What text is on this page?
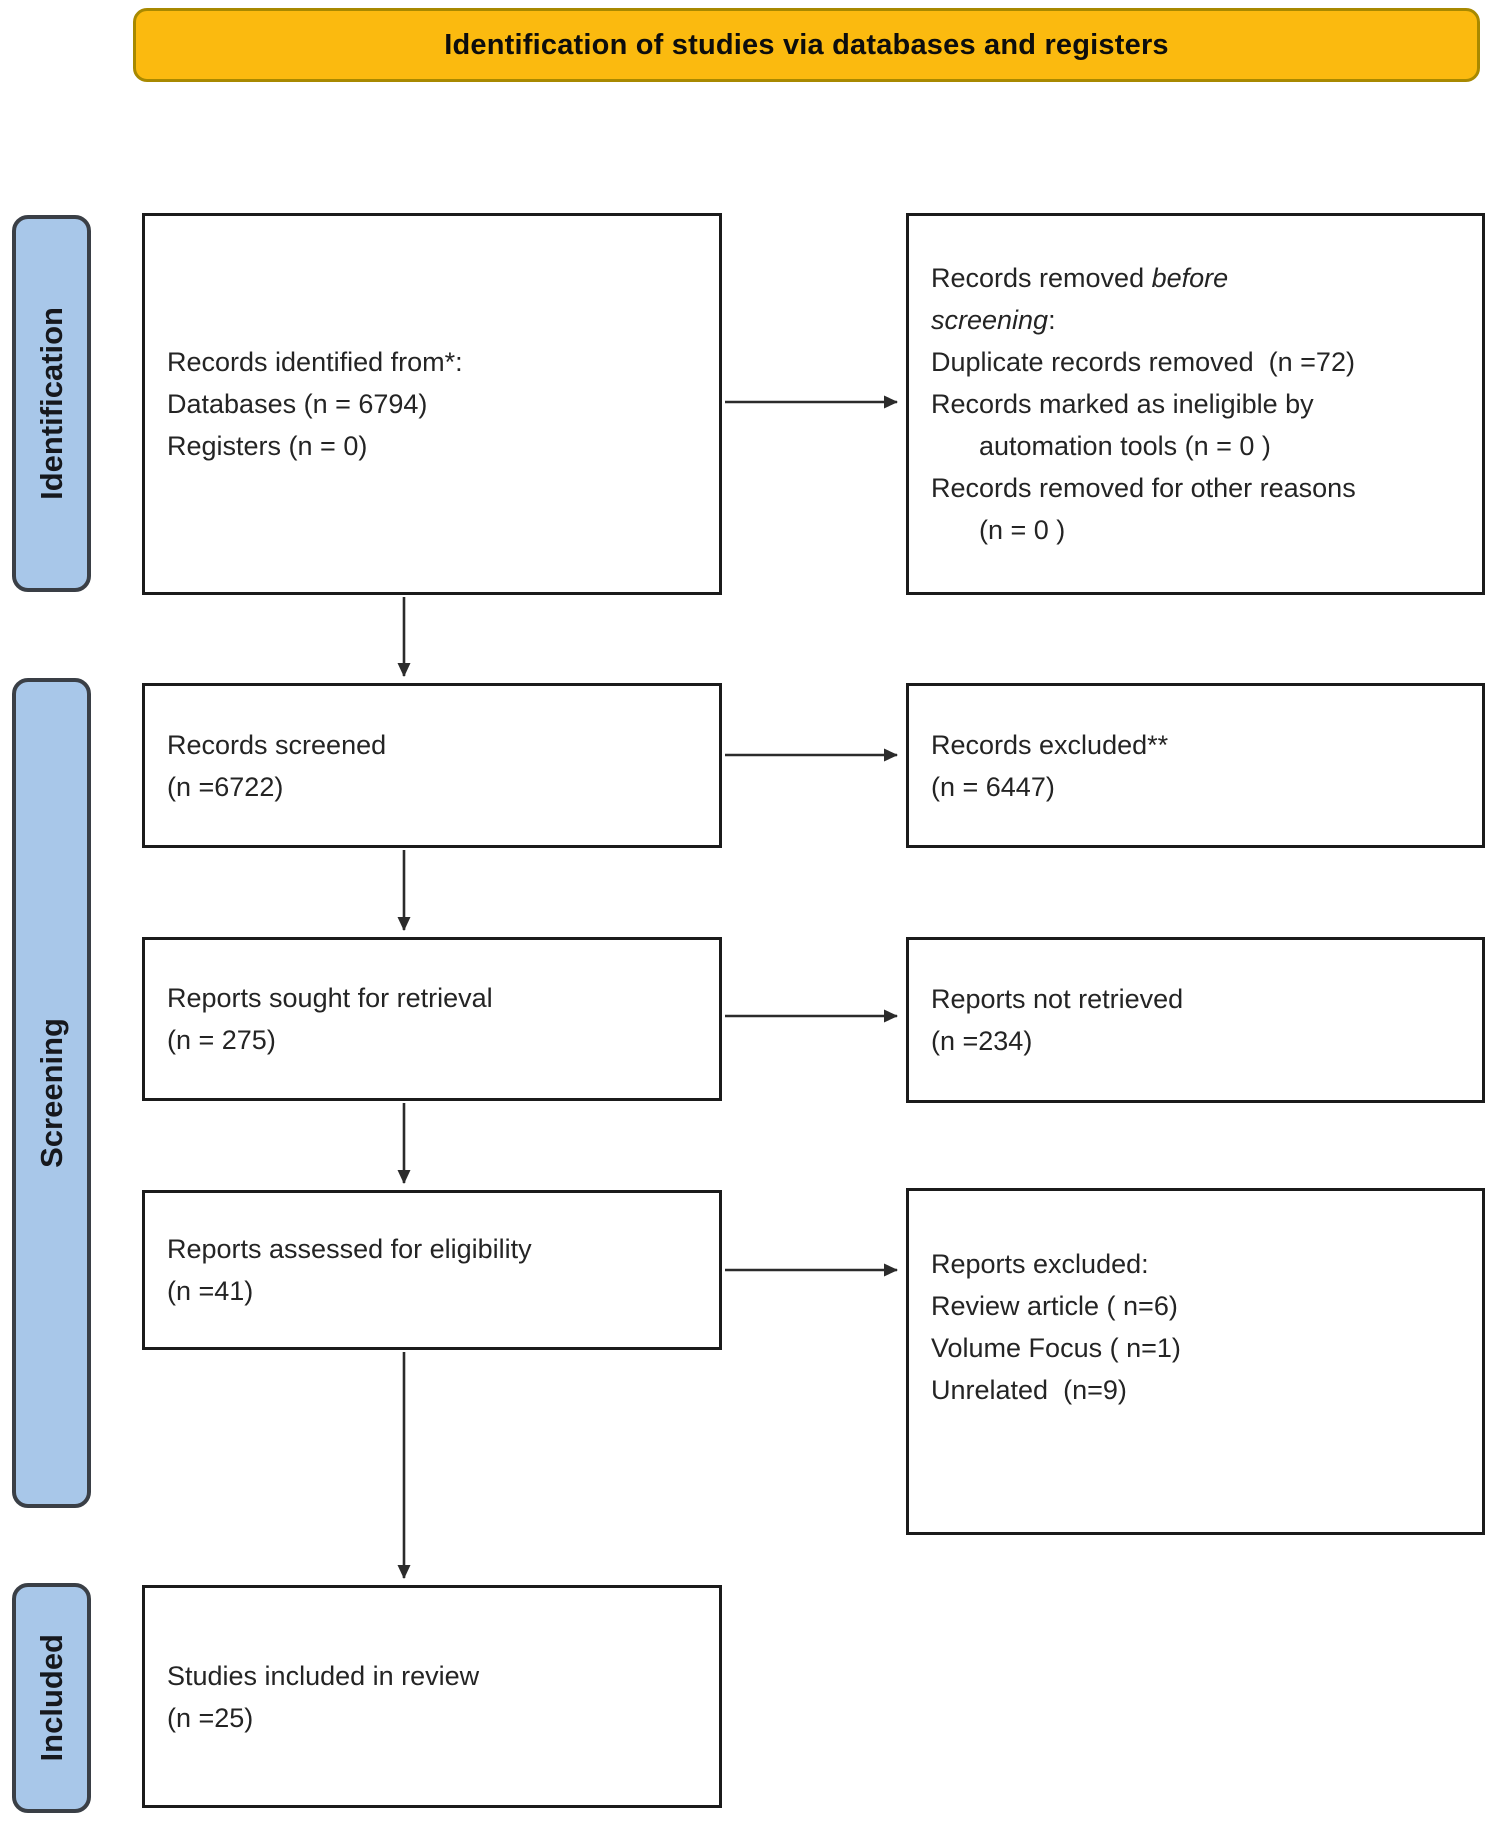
Identification of studies via databases and registers
Identification
Screening
Included
Records identified from*:
Databases (n = 6794)
Registers (n = 0)
Records removed before
screening:
Duplicate records removed  (n =72)
Records marked as ineligible by
automation tools (n = 0 )
Records removed for other reasons
(n = 0 )
Records screened
(n =6722)
Records excluded**
(n = 6447)
Reports sought for retrieval
(n = 275)
Reports not retrieved
(n =234)
Reports assessed for eligibility
(n =41)
Reports excluded:
Review article ( n=6)
Volume Focus ( n=1)
Unrelated  (n=9)
Studies included in review
(n =25)
